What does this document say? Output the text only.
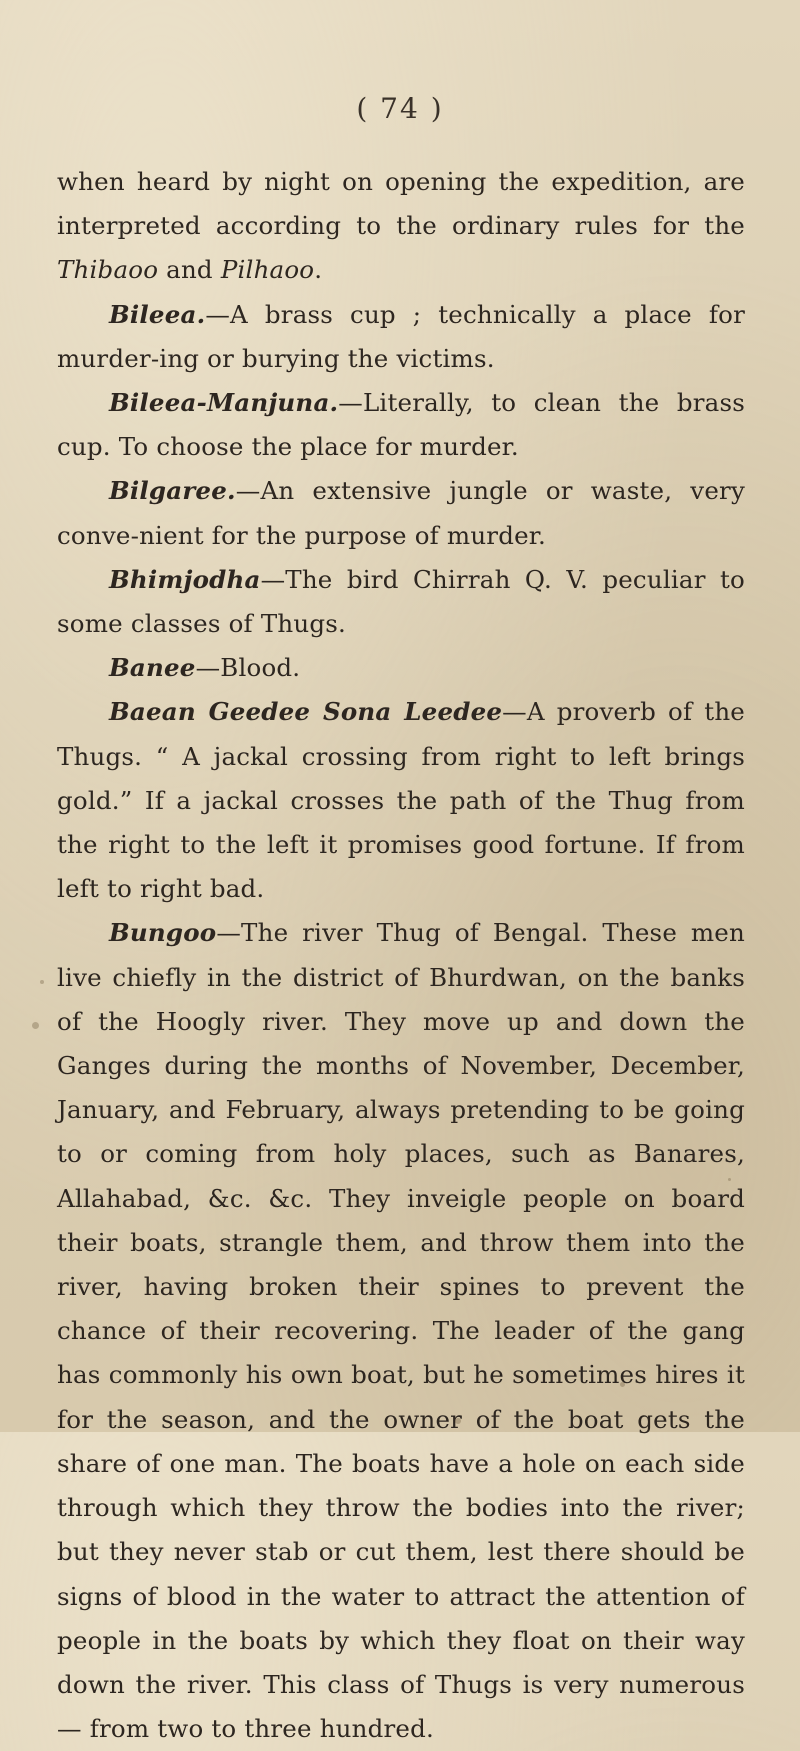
( 74 )

when heard by night on opening the expedition, are interpreted according to the ordinary rules for the Thibaoo and Pilhaoo.

Bileea.—A brass cup ; technically a place for murder-ing or burying the victims.

Bileea-Manjuna.—Literally, to clean the brass cup. To choose the place for murder.

Bilgaree.—An extensive jungle or waste, very conve-nient for the purpose of murder.

Bhimjodha—The bird Chirrah Q. V. peculiar to some classes of Thugs.

Banee—Blood.

Baean Geedee Sona Leedee—A proverb of the Thugs. “ A jackal crossing from right to left brings gold.” If a jackal crosses the path of the Thug from the right to the left it promises good fortune. If from left to right bad.

Bungoo—The river Thug of Bengal. These men live chiefly in the district of Bhurdwan, on the banks of the Hoogly river. They move up and down the Ganges during the months of November, December, January, and February, always pretending to be going to or coming from holy places, such as Banares, Allahabad, &c. &c. They inveigle people on board their boats, strangle them, and throw them into the river, having broken their spines to prevent the chance of their recovering. The leader of the gang has commonly his own boat, but he sometimes hires it for the season, and the owner of the boat gets the share of one man. The boats have a hole on each side through which they throw the bodies into the river; but they never stab or cut them, lest there should be signs of blood in the water to attract the attention of people in the boats by which they float on their way down the river. This class of Thugs is very numerous— from two to three hundred.
